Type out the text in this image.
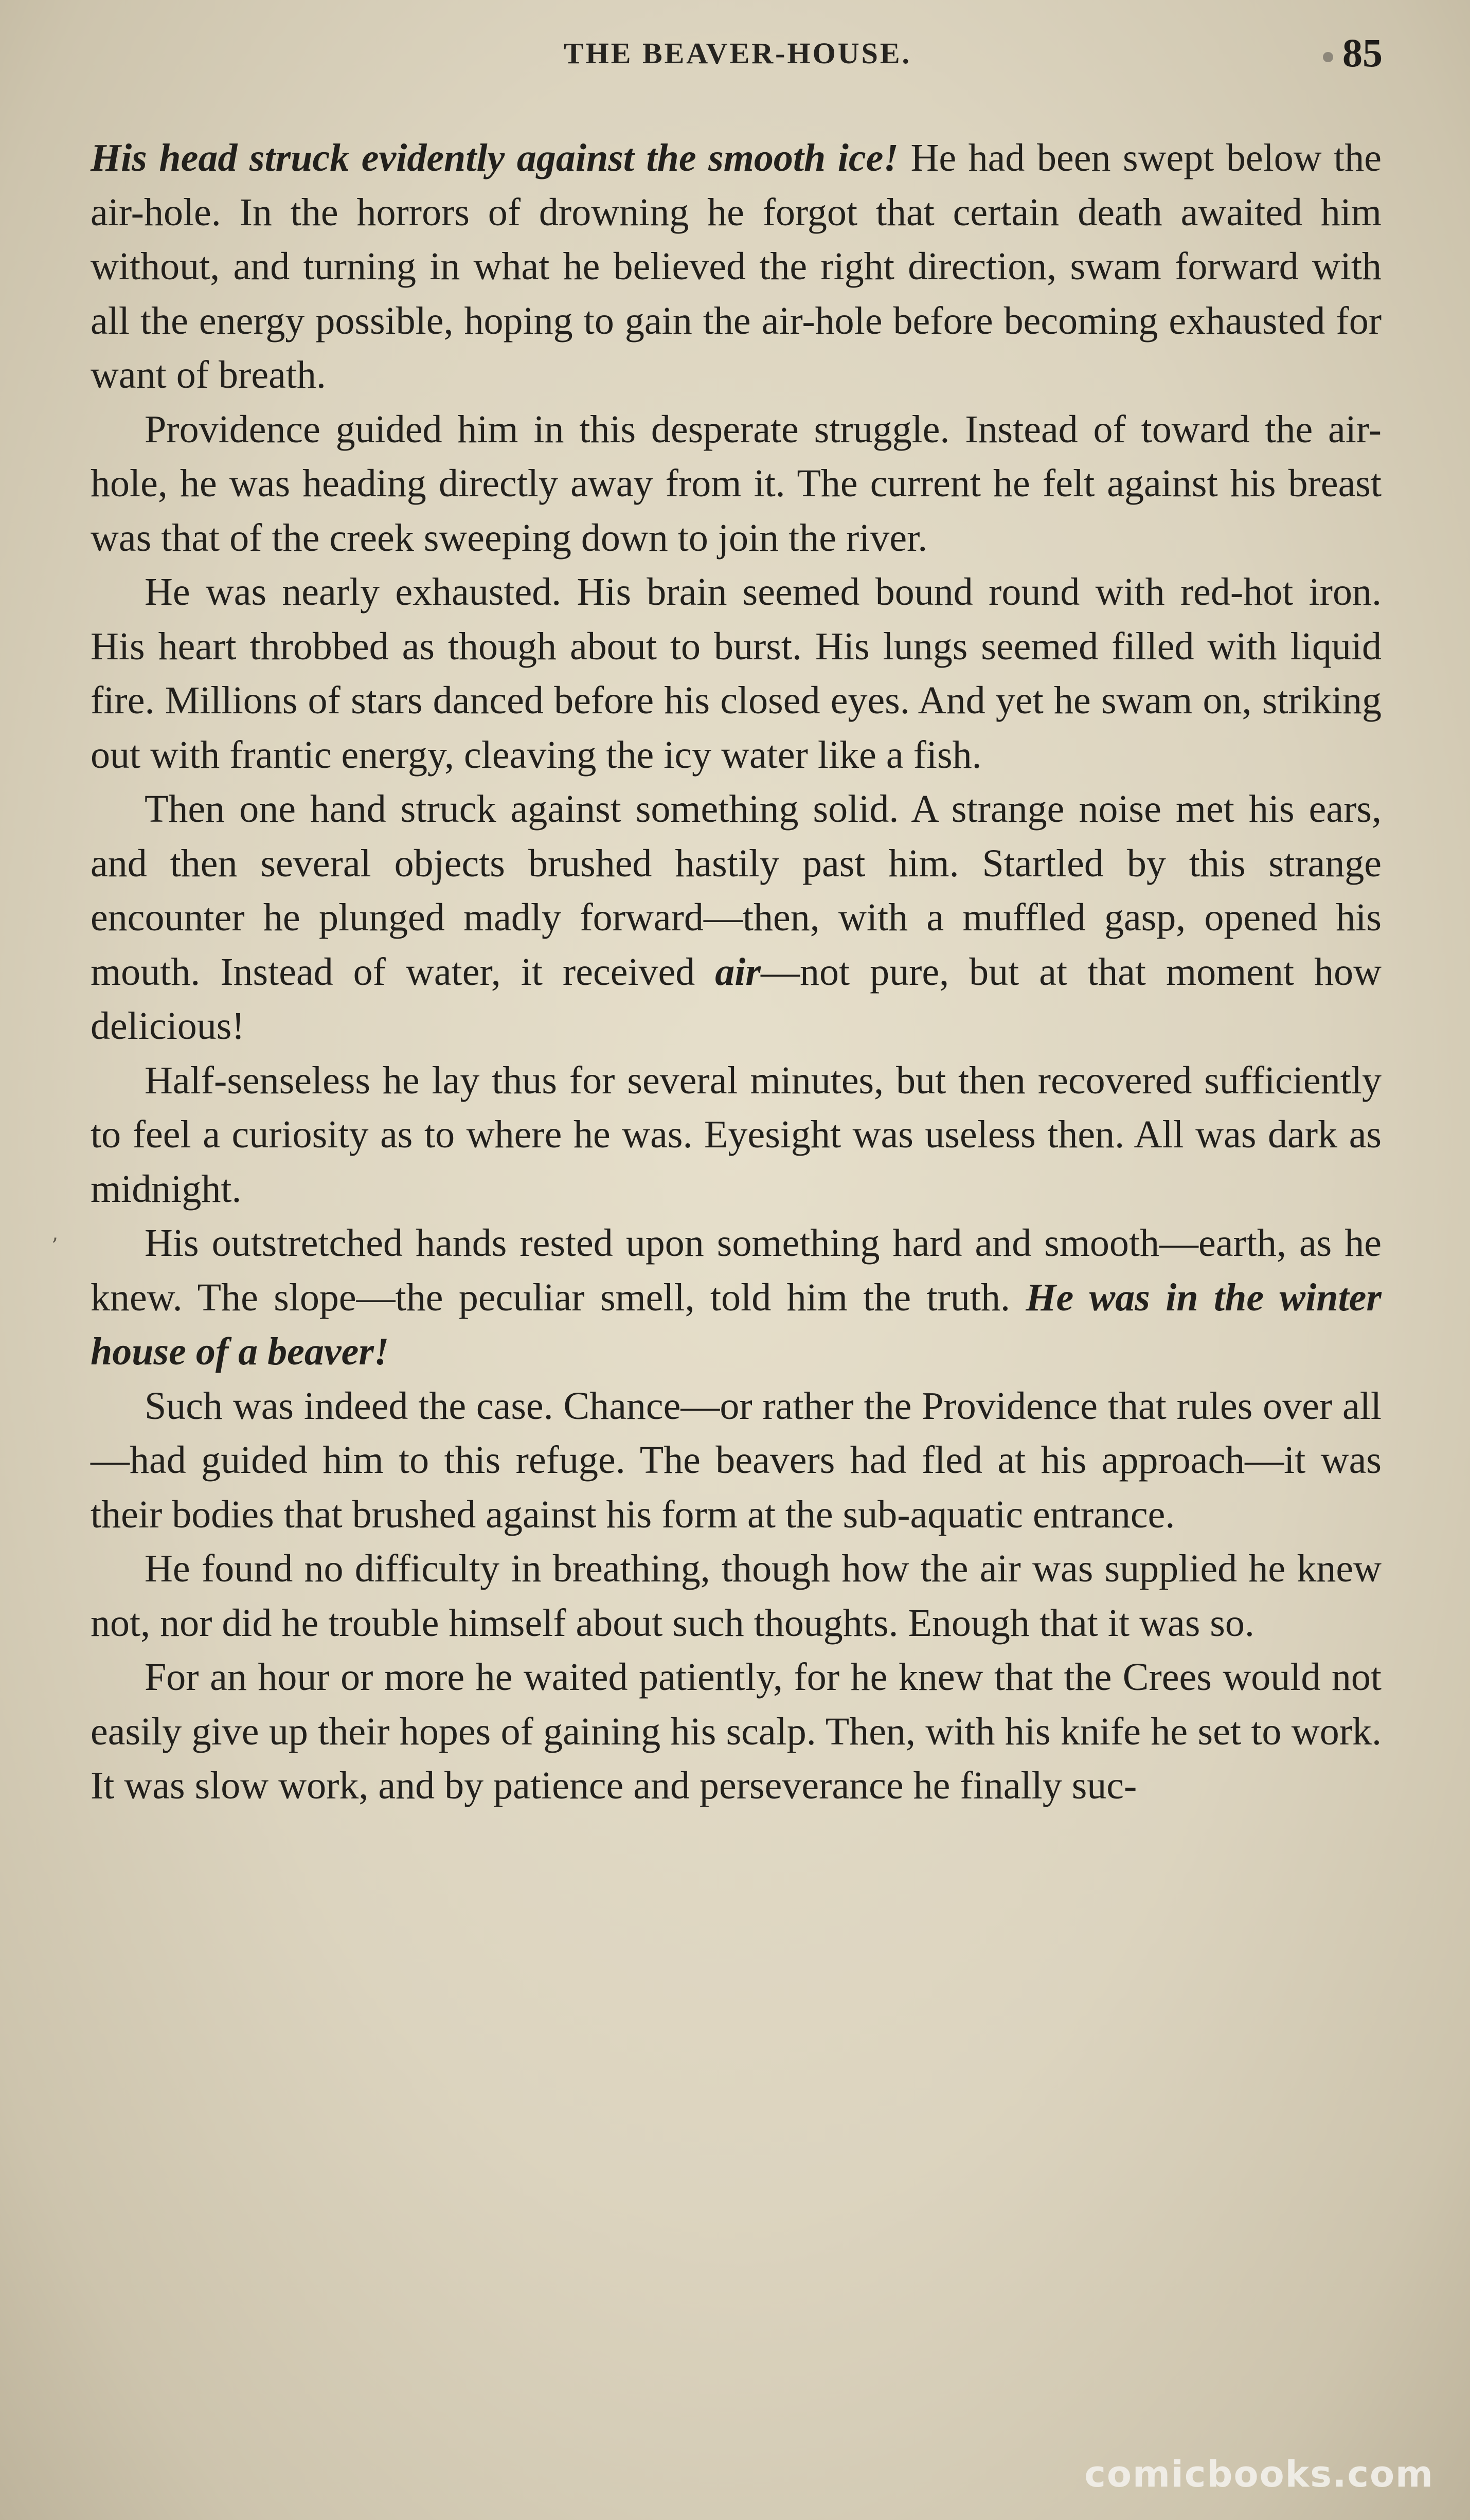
THE BEAVER-HOUSE.	85

His head struck evidently against the smooth ice! He had been swept below the air-hole. In the horrors of drowning he forgot that certain death awaited him without, and turning in what he believed the right direction, swam forward with all the energy possible, hoping to gain the air-hole before becoming exhausted for want of breath.

Providence guided him in this desperate struggle. Instead of toward the air-hole, he was heading directly away from it. The current he felt against his breast was that of the creek sweeping down to join the river.

He was nearly exhausted. His brain seemed bound round with red-hot iron. His heart throbbed as though about to burst. His lungs seemed filled with liquid fire. Millions of stars danced before his closed eyes. And yet he swam on, striking out with frantic energy, cleaving the icy water like a fish.

Then one hand struck against something solid. A strange noise met his ears, and then several objects brushed hastily past him. Startled by this strange encounter he plunged madly forward—then, with a muffled gasp, opened his mouth. Instead of water, it received air—not pure, but at that moment how delicious!

Half-senseless he lay thus for several minutes, but then recovered sufficiently to feel a curiosity as to where he was. Eyesight was useless then. All was dark as midnight.

His outstretched hands rested upon something hard and smooth—earth, as he knew. The slope—the peculiar smell, told him the truth. He was in the winter house of a beaver!

Such was indeed the case. Chance—or rather the Providence that rules over all—had guided him to this refuge. The beavers had fled at his approach—it was their bodies that brushed against his form at the sub-aquatic entrance.

He found no difficulty in breathing, though how the air was supplied he knew not, nor did he trouble himself about such thoughts. Enough that it was so.

For an hour or more he waited patiently, for he knew that the Crees would not easily give up their hopes of gaining his scalp. Then, with his knife he set to work. It was slow work, and by patience and perseverance he finally suc-

’
comicbooks.com
